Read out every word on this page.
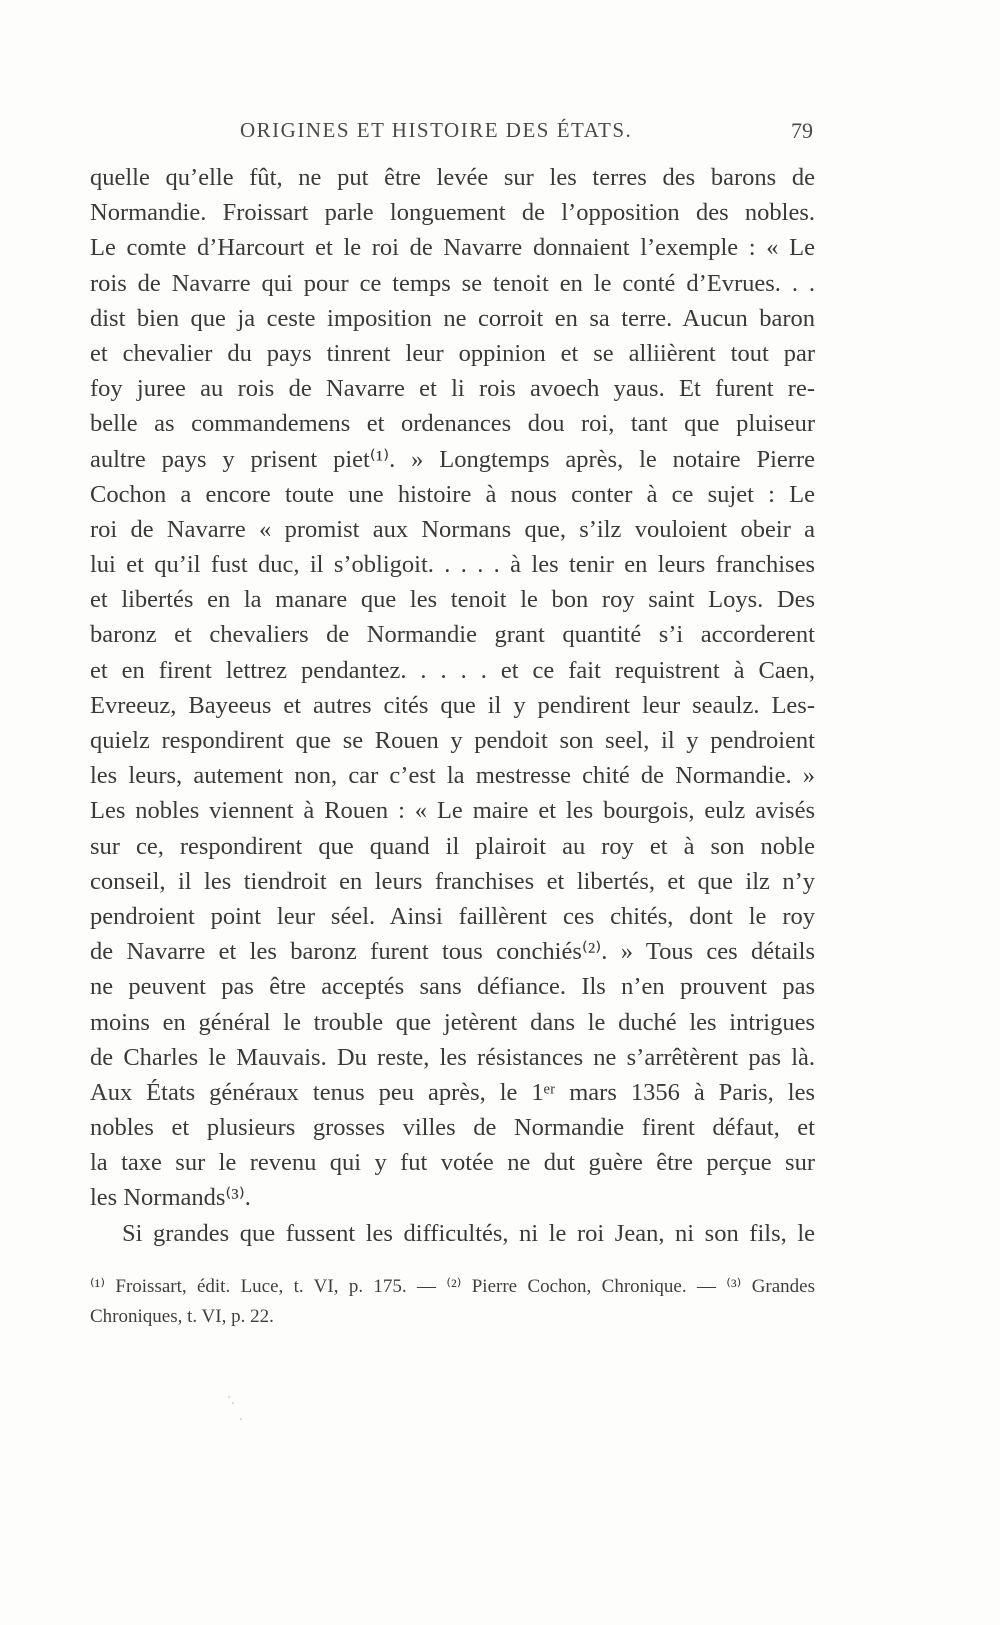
ORIGINES ET HISTOIRE DES ÉTATS.	79
quelle qu’elle fût, ne put être levée sur les terres des barons de
Normandie. Froissart parle longuement de l’opposition des nobles.
Le comte d’Harcourt et le roi de Navarre donnaient l’exemple : « Le
rois de Navarre qui pour ce temps se tenoit en le conté d’Evrues. . .
dist bien que ja ceste imposition ne corroit en sa terre. Aucun baron
et chevalier du pays tinrent leur oppinion et se alliièrent tout par
foy juree au rois de Navarre et li rois avoech yaus. Et furent re-
belle as commandemens et ordenances dou roi, tant que pluiseur
aultre pays y prisent piet⁽¹⁾. » Longtemps après, le notaire Pierre
Cochon a encore toute une histoire à nous conter à ce sujet : Le
roi de Navarre « promist aux Normans que, s’ilz vouloient obeir a
lui et qu’il fust duc, il s’obligoit. . . . . à les tenir en leurs franchises
et libertés en la manare que les tenoit le bon roy saint Loys. Des
baronz et chevaliers de Normandie grant quantité s’i accorderent
et en firent lettrez pendantez. . . . . et ce fait requistrent à Caen,
Evreeuz, Bayeeus et autres cités que il y pendirent leur seaulz. Les-
quielz respondirent que se Rouen y pendoit son seel, il y pendroient
les leurs, autement non, car c’est la mestresse chité de Normandie. »
Les nobles viennent à Rouen : « Le maire et les bourgois, eulz avisés
sur ce, respondirent que quand il plairoit au roy et à son noble
conseil, il les tiendroit en leurs franchises et libertés, et que ilz n’y
pendroient point leur séel. Ainsi faillèrent ces chités, dont le roy
de Navarre et les baronz furent tous conchiés⁽²⁾. » Tous ces détails
ne peuvent pas être acceptés sans défiance. Ils n’en prouvent pas
moins en général le trouble que jetèrent dans le duché les intrigues
de Charles le Mauvais. Du reste, les résistances ne s’arrêtèrent pas là.
Aux États généraux tenus peu après, le 1ᵉʳ mars 1356 à Paris, les
nobles et plusieurs grosses villes de Normandie firent défaut, et
la taxe sur le revenu qui y fut votée ne dut guère être perçue sur
les Normands⁽³⁾.
Si grandes que fussent les difficultés, ni le roi Jean, ni son fils, le
⁽¹⁾ Froissart, édit. Luce, t. VI, p. 175. — ⁽²⁾ Pierre Cochon, Chronique. — ⁽³⁾ Grandes
Chroniques, t. VI, p. 22.
